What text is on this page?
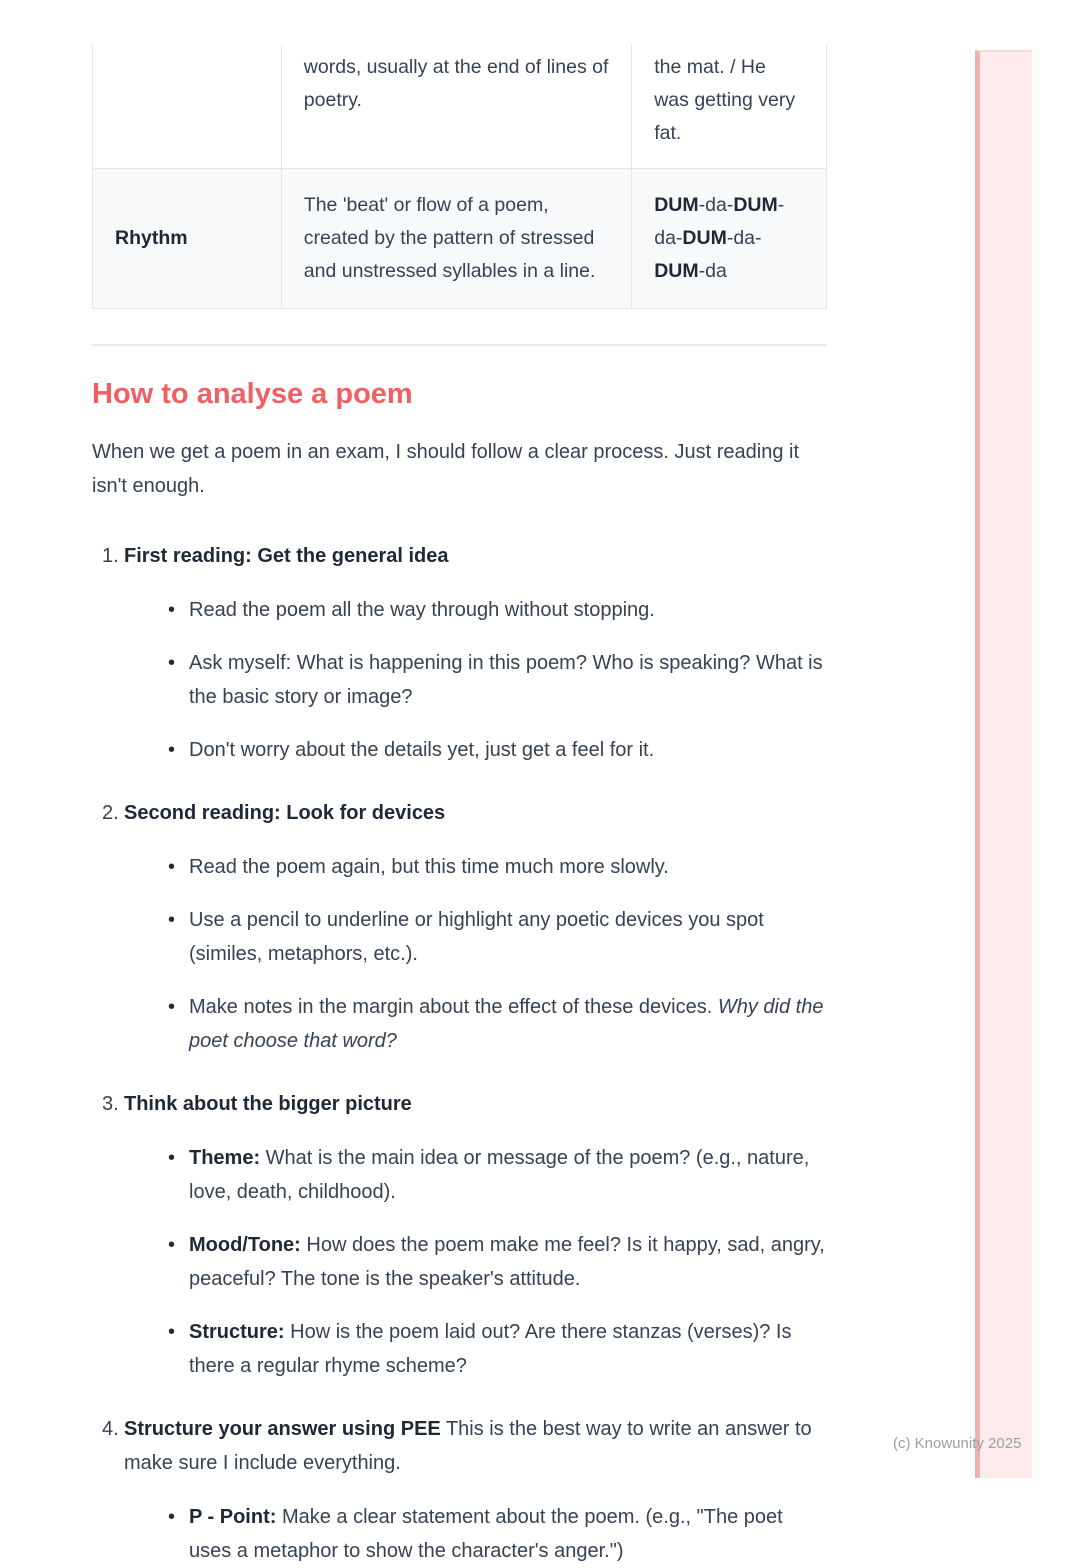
	words, usually at the end of lines of poetry.	the mat. / He was getting very fat.
Rhythm	The 'beat' or flow of a poem, created by the pattern of stressed and unstressed syllables in a line.	DUM-da-DUM-da-DUM-da-DUM-da
How to analyse a poem

When we get a poem in an exam, I should follow a clear process. Just reading it isn't enough.

1. First reading: Get the general idea
• Read the poem all the way through without stopping.
• Ask myself: What is happening in this poem? Who is speaking? What is the basic story or image?
• Don't worry about the details yet, just get a feel for it.
2. Second reading: Look for devices
• Read the poem again, but this time much more slowly.
• Use a pencil to underline or highlight any poetic devices you spot (similes, metaphors, etc.).
• Make notes in the margin about the effect of these devices. Why did the poet choose that word?
3. Think about the bigger picture
• Theme: What is the main idea or message of the poem? (e.g., nature, love, death, childhood).
• Mood/Tone: How does the poem make me feel? Is it happy, sad, angry, peaceful? The tone is the speaker's attitude.
• Structure: How is the poem laid out? Are there stanzas (verses)? Is there a regular rhyme scheme?
4. Structure your answer using PEE This is the best way to write an answer to make sure I include everything.
• P - Point: Make a clear statement about the poem. (e.g., "The poet uses a metaphor to show the character's anger.")
(c) Knowunity 2025
